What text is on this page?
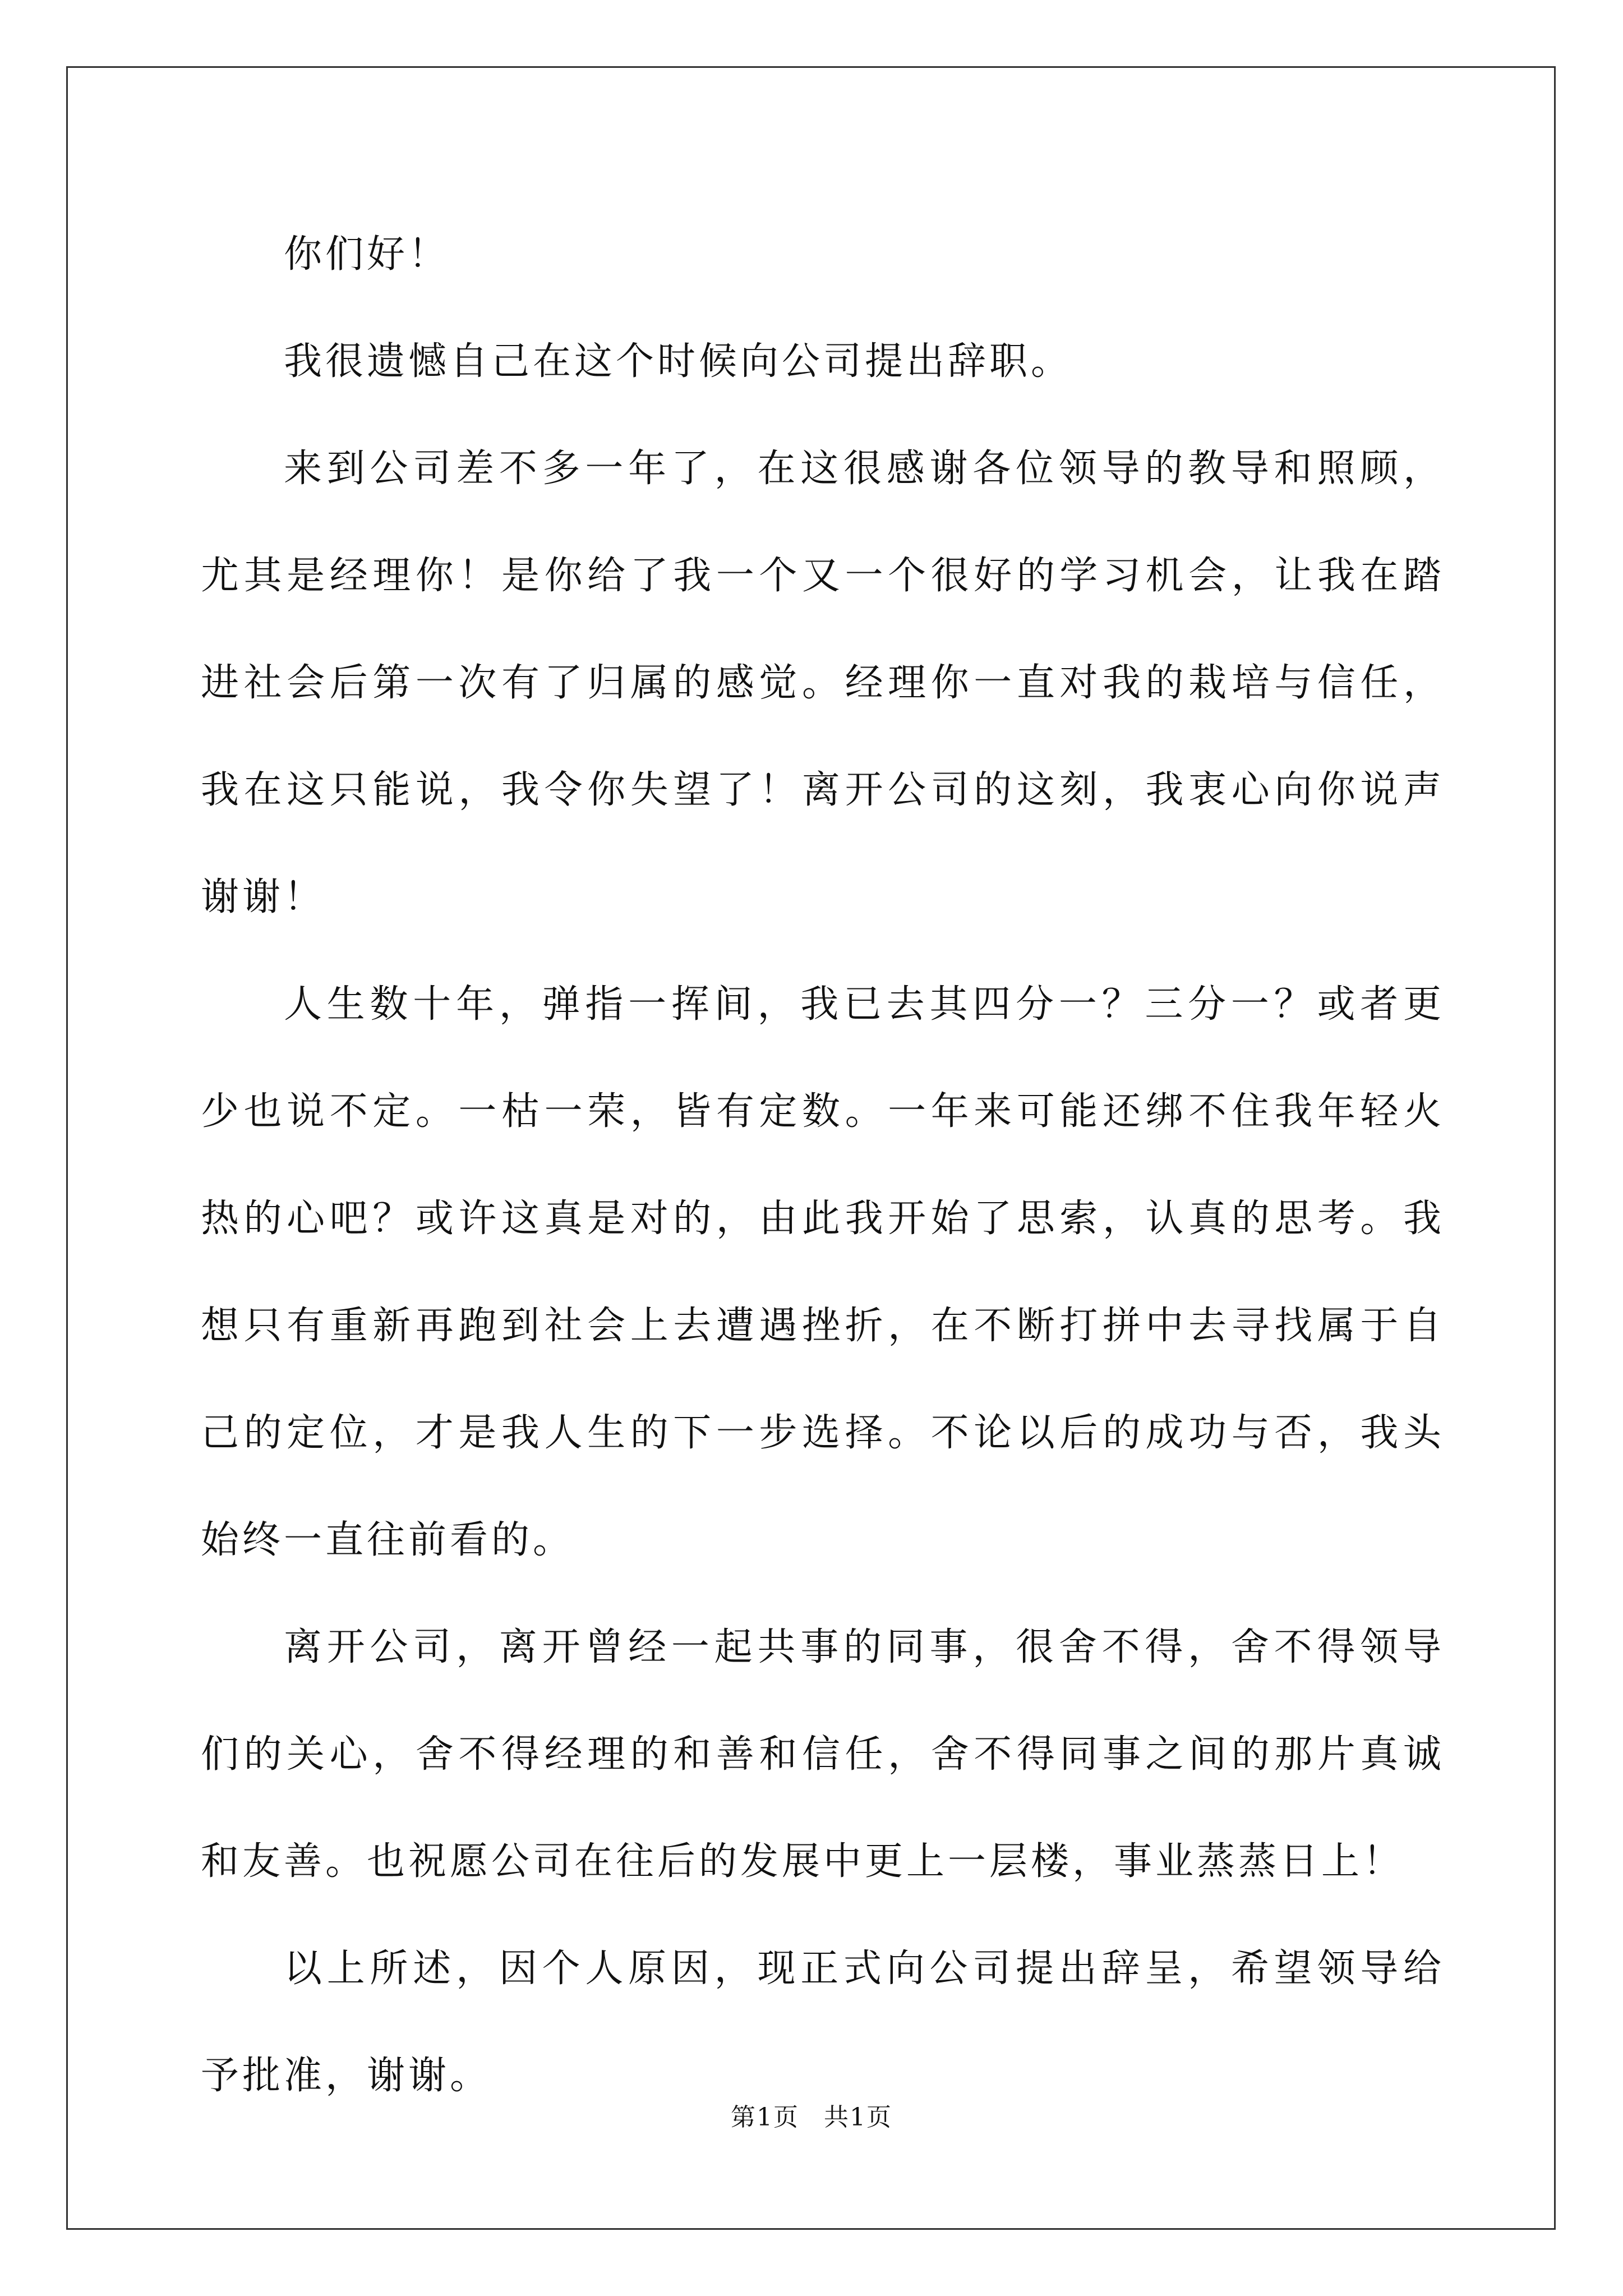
你们好！

我很遗憾自己在这个时候向公司提出辞职。

来到公司差不多一年了，在这很感谢各位领导的教导和照顾，尤其是经理你！是你给了我一个又一个很好的学习机会，让我在踏进社会后第一次有了归属的感觉。经理你一直对我的栽培与信任，我在这只能说，我令你失望了！离开公司的这刻，我衷心向你说声谢谢！

人生数十年，弹指一挥间，我已去其四分一？三分一？或者更少也说不定。一枯一荣，皆有定数。一年来可能还绑不住我年轻火热的心吧？或许这真是对的，由此我开始了思索，认真的思考。我想只有重新再跑到社会上去遭遇挫折，在不断打拼中去寻找属于自己的定位，才是我人生的下一步选择。不论以后的成功与否，我头始终一直往前看的。

离开公司，离开曾经一起共事的同事，很舍不得，舍不得领导们的关心，舍不得经理的和善和信任，舍不得同事之间的那片真诚和友善。也祝愿公司在往后的发展中更上一层楼，事业蒸蒸日上！

以上所述，因个人原因，现正式向公司提出辞呈，希望领导给予批准，谢谢。

第1页 共1页
